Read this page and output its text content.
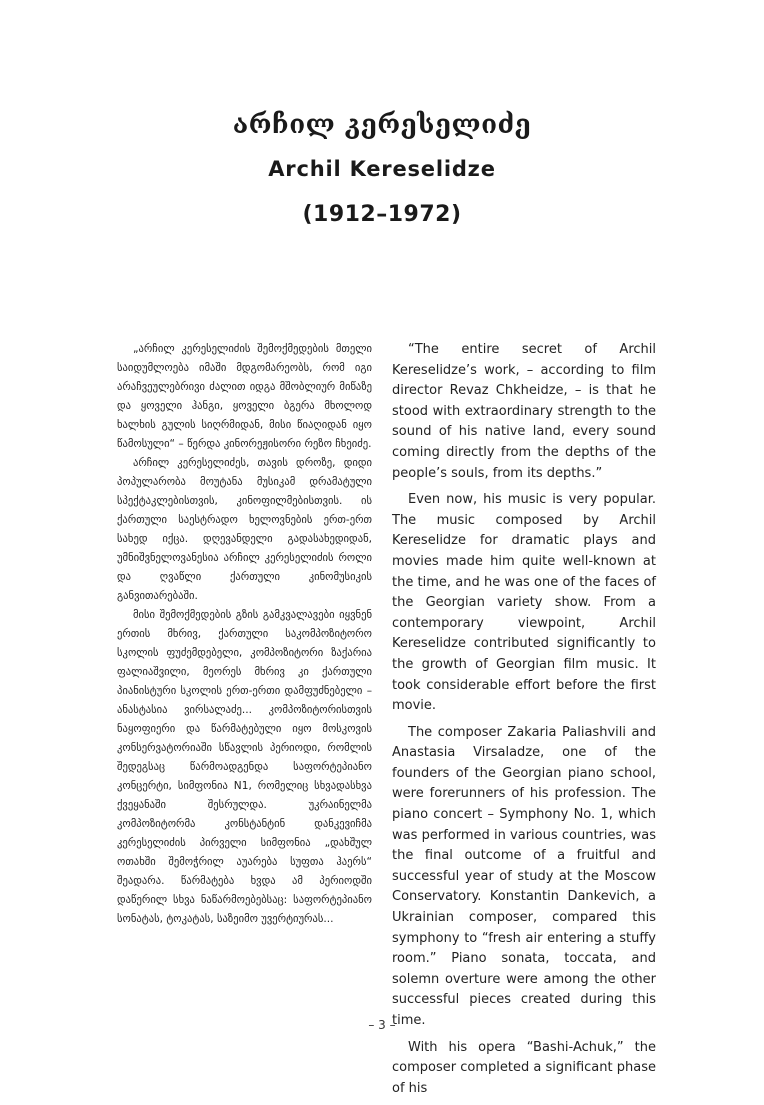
არჩილ კერესელიძე
Archil Kereselidze
(1912–1972)

„არჩილ კერესელიძის შემოქმედების მთელი საიდუმლოება იმაში მდგომარეობს, რომ იგი არაჩვეულებრივი ძალით იდგა მშობლიურ მიწაზე და ყოველი ჰანგი, ყოველი ბგერა მხოლოდ ხალხის გულის სიღრმიდან, მისი წიაღიდან იყო წამოსული“ – წერდა კინორეჟისორი რეზო ჩხეიძე.

არჩილ კერესელიძეს, თავის დროზე, დიდი პოპულარობა მოუტანა მუსიკამ დრამატული სპექტაკლებისთვის, კინოფილმებისთვის. ის ქართული საესტრადო ხელოვნების ერთ-ერთ სახედ იქცა. დღევანდელი გადასახედიდან, უმნიშვნელოვანესია არჩილ კერესელიძის როლი და ღვაწლი ქართული კინომუსიკის განვითარებაში.

მისი შემოქმედების გზის გამკვალავები იყვნენ ერთის მხრივ, ქართული საკომპოზიტორო სკოლის ფუძემდებელი, კომპოზიტორი ზაქარია ფალიაშვილი, მეორეს მხრივ კი ქართული პიანისტური სკოლის ერთ-ერთი დამფუძნებელი – ანასტასია ვირსალაძე... კომპოზიტორისთვის ნაყოფიერი და წარმატებული იყო მოსკოვის კონსერვატორიაში სწავლის პერიოდი, რომლის შედეგსაც წარმოადგენდა საფორტეპიანო კონცერტი, სიმფონია N1, რომელიც სხვადასხვა ქვეყანაში შესრულდა. უკრაინელმა კომპოზიტორმა კონსტანტინ დანკევიჩმა კერესელიძის პირველი სიმფონია „დახშულ ოთახში შემოჭრილ აუარება სუფთა ჰაერს“ შეადარა. წარმატება ხვდა ამ პერიოდში დაწერილ სხვა ნაწარმოებებსაც: საფორტეპიანო სონატას, ტოკატას, საზეიმო უვერტიურას...

“The entire secret of Archil Kereselidze’s work, – according to film director Revaz Chkheidze, – is that he stood with extraordinary strength to the sound of his native land, every sound coming directly from the depths of the people’s souls, from its depths.”

Even now, his music is very popular. The music composed by Archil Kereselidze for dramatic plays and movies made him quite well-known at the time, and he was one of the faces of the Georgian variety show. From a contemporary viewpoint, Archil Kereselidze contributed significantly to the growth of Georgian film music. It took considerable effort before the first movie.

The composer Zakaria Paliashvili and Anastasia Virsaladze, one of the founders of the Georgian piano school, were forerunners of his profession. The piano concert – Symphony No. 1, which was performed in various countries, was the final outcome of a fruitful and successful year of study at the Moscow Conservatory. Konstantin Dankevich, a Ukrainian composer, compared this symphony to “fresh air entering a stuffy room.” Piano sonata, toccata, and solemn overture were among the other successful pieces created during this time.

With his opera “Bashi-Achuk,” the composer completed a significant phase of his

– 3 –
